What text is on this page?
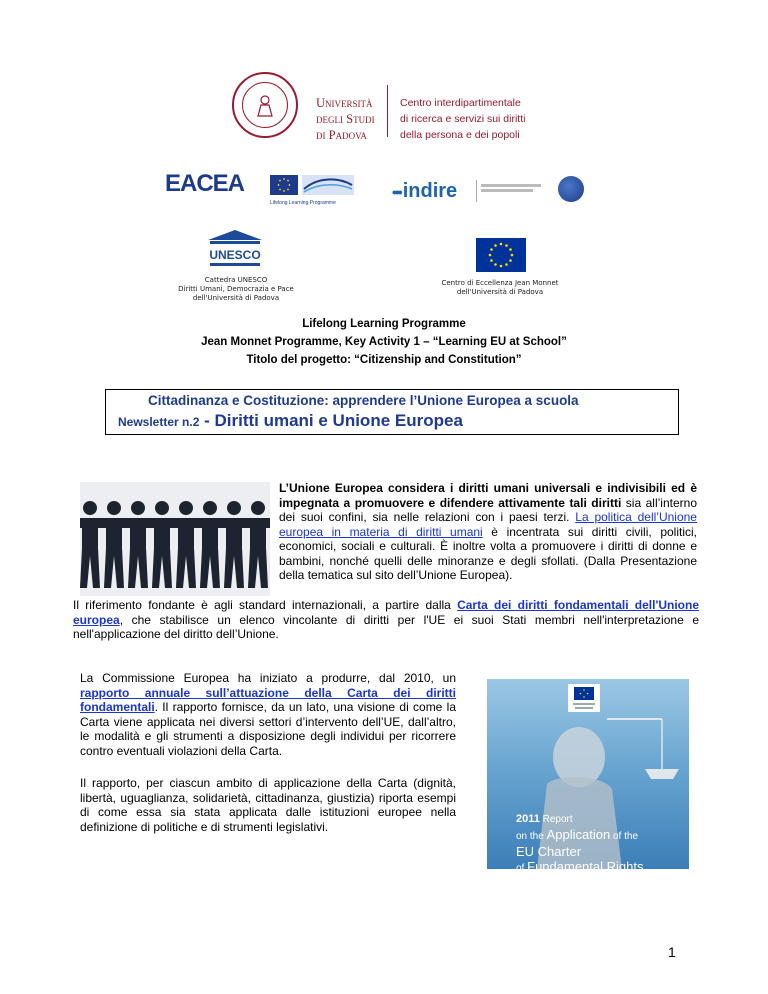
Università
degli Studi
di Padova
Centro interdipartimentale
di ricerca e servizi sui diritti
della persona e dei popoli
EACEA

Lifelong Learning Programme
••• indire
UNESCO
Cattedra UNESCO
Diritti Umani, Democrazia e Pace
dell'Università di Padova
Centro di Eccellenza Jean Monnet
dell'Università di Padova
Lifelong Learning Programme
Jean Monnet Programme, Key Activity 1 – “Learning EU at School”
Titolo del progetto: “Citizenship and Constitution”
Cittadinanza e Costituzione: apprendere l’Unione Europea a scuola
Newsletter n.2 - Diritti umani e Unione Europea
L’Unione Europea considera i diritti umani universali e indivisibili ed è impegnata a promuovere e difendere attivamente tali diritti sia all’interno dei suoi confini, sia nelle relazioni con i paesi terzi. La politica dell’Unione europea in materia di diritti umani è incentrata sui diritti civili, politici, economici, sociali e culturali. È inoltre volta a promuovere i diritti di donne e bambini, nonché quelli delle minoranze e degli sfollati. (Dalla Presentazione della tematica sul sito dell’Unione Europea).
Il riferimento fondante è agli standard internazionali, a partire dalla Carta dei diritti fondamentali dell'Unione europea, che stabilisce un elenco vincolante di diritti per l'UE ei suoi Stati membri nell'interpretazione e nell'applicazione del diritto dell’Unione.
La Commissione Europea ha iniziato a produrre, dal 2010, un rapporto annuale sull’attuazione della Carta dei diritti fondamentali. Il rapporto fornisce, da un lato, una visione di come la Carta viene applicata nei diversi settori d’intervento dell’UE, dall’altro, le modalità e gli strumenti a disposizione degli individui per ricorrere contro eventuali violazioni della Carta.
Il rapporto, per ciascun ambito di applicazione della Carta (dignità, libertà, uguaglianza, solidarietà, cittadinanza, giustizia) riporta esempi di come essa sia stata applicata dalle istituzioni europee nella definizione di politiche e di strumenti legislativi.
2011 Report
on the Application of the
EU Charter
of Fundamental Rights
1
